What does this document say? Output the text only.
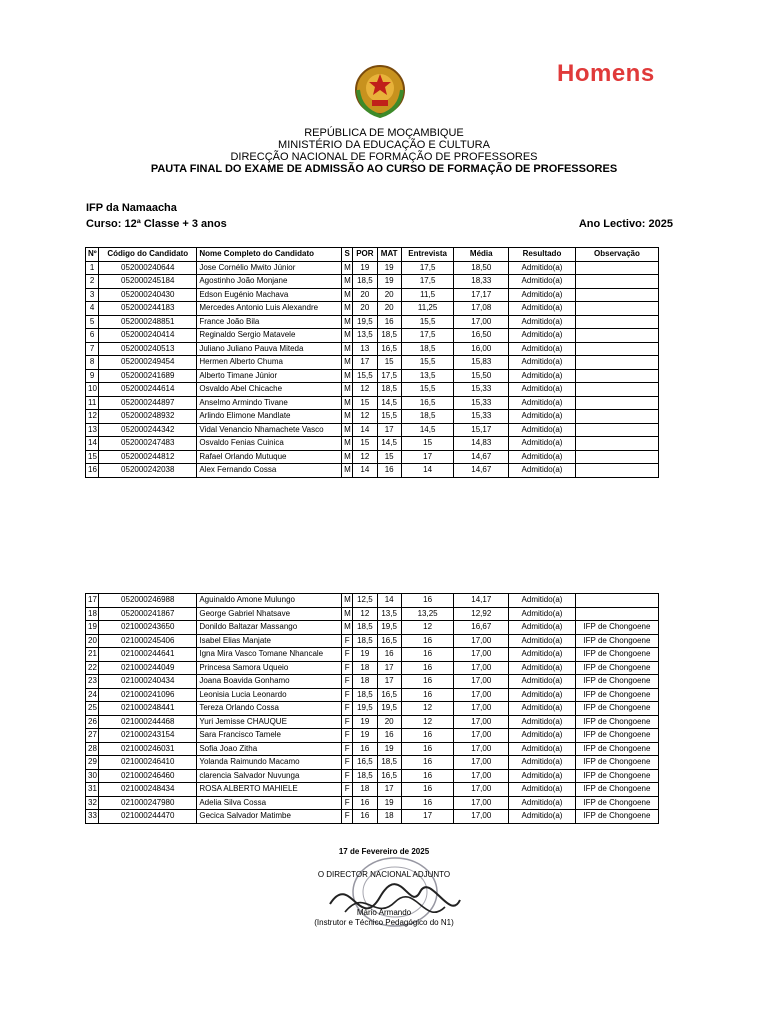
Homens
REPÚBLICA DE MOÇAMBIQUE
MINISTÉRIO DA EDUCAÇÃO E CULTURA
DIRECÇÃO NACIONAL DE FORMAÇÃO DE PROFESSORES
PAUTA FINAL DO EXAME DE ADMISSÃO AO CURSO DE FORMAÇÃO DE PROFESSORES
IFP da Namaacha
Curso: 12ª Classe + 3 anos	Ano Lectivo: 2025
Nº	Código do Candidato	Nome Completo do Candidato	S	POR	MAT	Entrevista	Média	Resultado	Observação
1	052000240644	Jose Cornélio Mwito Júnior	M	19	19	17,5	18,50	Admitido(a)	
2	052000245184	Agostinho João Monjane	M	18,5	19	17,5	18,33	Admitido(a)	
3	052000240430	Edson Eugénio Machava	M	20	20	11,5	17,17	Admitido(a)	
4	052000244183	Mercedes Antonio Luis Alexandre	M	20	20	11,25	17,08	Admitido(a)	
5	052000248851	France João Bila	M	19,5	16	15,5	17,00	Admitido(a)	
6	052000240414	Reginaldo Sergio Matavele	M	13,5	18,5	17,5	16,50	Admitido(a)	
7	052000240513	Juliano Juliano Pauva Miteda	M	13	16,5	18,5	16,00	Admitido(a)	
8	052000249454	Hermen Alberto Chuma	M	17	15	15,5	15,83	Admitido(a)	
9	052000241689	Alberto Timane Júnior	M	15,5	17,5	13,5	15,50	Admitido(a)	
10	052000244614	Osvaldo Abel Chicache	M	12	18,5	15,5	15,33	Admitido(a)	
11	052000244897	Anselmo Armindo Tivane	M	15	14,5	16,5	15,33	Admitido(a)	
12	052000248932	Arlindo Elimone Mandlate	M	12	15,5	18,5	15,33	Admitido(a)	
13	052000244342	Vidal Venancio Nhamachete Vasco	M	14	17	14,5	15,17	Admitido(a)	
14	052000247483	Osvaldo Fenias Cuinica	M	15	14,5	15	14,83	Admitido(a)	
15	052000244812	Rafael Orlando Mutuque	M	12	15	17	14,67	Admitido(a)	
16	052000242038	Alex Fernando Cossa	M	14	16	14	14,67	Admitido(a)	
17	052000246988	Aguinaldo Amone Mulungo	M	12,5	14	16	14,17	Admitido(a)	
18	052000241867	George Gabriel Nhatsave	M	12	13,5	13,25	12,92	Admitido(a)	
19	021000243650	Donildo Baltazar Massango	M	18,5	19,5	12	16,67	Admitido(a)	IFP de Chongoene
20	021000245406	Isabel Elias Manjate	F	18,5	16,5	16	17,00	Admitido(a)	IFP de Chongoene
21	021000244641	Igna Mira Vasco Tomane Nhancale	F	19	16	16	17,00	Admitido(a)	IFP de Chongoene
22	021000244049	Princesa Samora Uqueio	F	18	17	16	17,00	Admitido(a)	IFP de Chongoene
23	021000240434	Joana Boavida Gonhamo	F	18	17	16	17,00	Admitido(a)	IFP de Chongoene
24	021000241096	Leonisia Lucia Leonardo	F	18,5	16,5	16	17,00	Admitido(a)	IFP de Chongoene
25	021000248441	Tereza Orlando Cossa	F	19,5	19,5	12	17,00	Admitido(a)	IFP de Chongoene
26	021000244468	Yuri Jemisse CHAUQUE	F	19	20	12	17,00	Admitido(a)	IFP de Chongoene
27	021000243154	Sara Francisco Tamele	F	19	16	16	17,00	Admitido(a)	IFP de Chongoene
28	021000246031	Sofia Joao Zitha	F	16	19	16	17,00	Admitido(a)	IFP de Chongoene
29	021000246410	Yolanda Raimundo Macamo	F	16,5	18,5	16	17,00	Admitido(a)	IFP de Chongoene
30	021000246460	clarencia Salvador Nuvunga	F	18,5	16,5	16	17,00	Admitido(a)	IFP de Chongoene
31	021000248434	ROSA ALBERTO MAHIELE	F	18	17	16	17,00	Admitido(a)	IFP de Chongoene
32	021000247980	Adelia Silva Cossa	F	16	19	16	17,00	Admitido(a)	IFP de Chongoene
33	021000244470	Gecica Salvador Matimbe	F	16	18	17	17,00	Admitido(a)	IFP de Chongoene
17 de Fevereiro de 2025
O DIRECTOR NACIONAL ADJUNTO
Mário Armando
(Instrutor e Técnico Pedagógico do N1)
